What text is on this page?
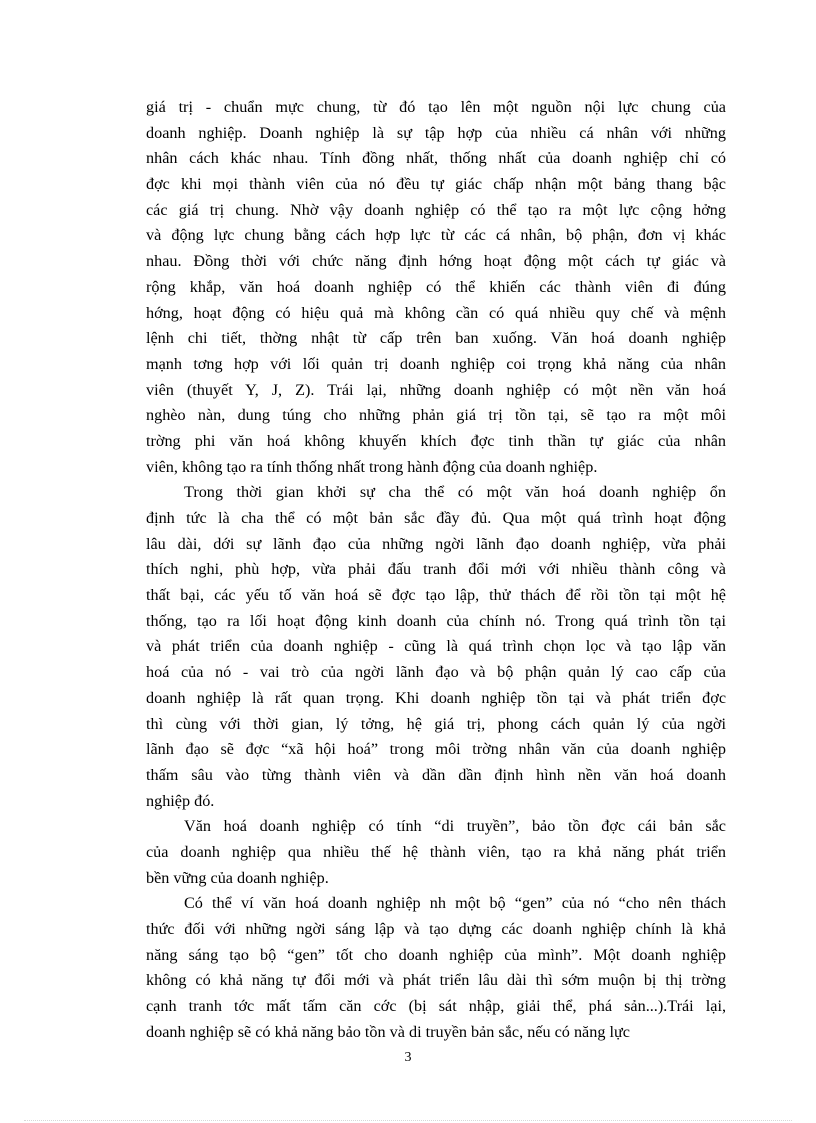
giá trị - chuẩn mực chung, từ đó tạo lên một nguồn nội lực chung của
doanh nghiệp. Doanh nghiệp là sự tập hợp của nhiều cá nhân với những
nhân cách khác nhau. Tính đồng nhất, thống nhất của doanh nghiệp chỉ có
đợc khi mọi thành viên của nó đều tự giác chấp nhận một bảng thang bậc
các giá trị chung. Nhờ vậy doanh nghiệp có thể tạo ra một lực cộng hởng
và động lực chung bằng cách hợp lực từ các cá nhân, bộ phận, đơn vị khác
nhau. Đồng thời với chức năng định hớng hoạt động một cách tự giác và
rộng khắp, văn hoá doanh nghiệp có thể khiến các thành viên đi đúng
hớng, hoạt động có hiệu quả mà không cần có quá nhiều quy chế và mệnh
lệnh chi tiết, thờng nhật từ cấp trên ban xuống. Văn hoá doanh nghiệp
mạnh tơng hợp với lối quản trị doanh nghiệp coi trọng khả năng của nhân
viên (thuyết Y, J, Z). Trái lại, những doanh nghiệp có một nền văn hoá
nghèo nàn, dung túng cho những phản giá trị tồn tại, sẽ tạo ra một môi
trờng phi văn hoá không khuyến khích đợc tinh thần tự giác của nhân
viên, không tạo ra tính thống nhất trong hành động của doanh nghiệp.
Trong thời gian khởi sự cha thể có một văn hoá doanh nghiệp ổn
định tức là cha thể có một bản sắc đầy đủ. Qua một quá trình hoạt động
lâu dài, dới sự lãnh đạo của những ngời lãnh đạo doanh nghiệp, vừa phải
thích nghi, phù hợp, vừa phải đấu tranh đổi mới với nhiều thành công và
thất bại, các yếu tố văn hoá sẽ đợc tạo lập, thử thách để rồi tồn tại một hệ
thống, tạo ra lối hoạt động kinh doanh của chính nó. Trong quá trình tồn tại
và phát triển của doanh nghiệp - cũng là quá trình chọn lọc và tạo lập văn
hoá của nó - vai trò của ngời lãnh đạo và bộ phận quản lý cao cấp của
doanh nghiệp là rất quan trọng. Khi doanh nghiệp tồn tại và phát triển đợc
thì cùng với thời gian, lý tởng, hệ giá trị, phong cách quản lý của ngời
lãnh đạo sẽ đợc “xã hội hoá” trong môi trờng nhân văn của doanh nghiệp
thấm sâu vào từng thành viên và dần dần định hình nền văn hoá doanh
nghiệp đó.
Văn hoá doanh nghiệp có tính “di truyền”, bảo tồn đợc cái bản sắc
của doanh nghiệp qua nhiều thế hệ thành viên, tạo ra khả năng phát triển
bền vững của doanh nghiệp.
Có thể ví văn hoá doanh nghiệp nh một bộ “gen” của nó “cho nên thách
thức đối với những ngời sáng lập và tạo dựng các doanh nghiệp chính là khả
năng sáng tạo bộ “gen” tốt cho doanh nghiệp của mình”. Một doanh nghiệp
không có khả năng tự đổi mới và phát triển lâu dài thì sớm muộn bị thị trờng
cạnh tranh tớc mất tấm căn cớc (bị sát nhập, giải thể, phá sản...).Trái lại,
doanh nghiệp sẽ có khả năng bảo tồn và di truyền bản sắc, nếu có năng lực
3
